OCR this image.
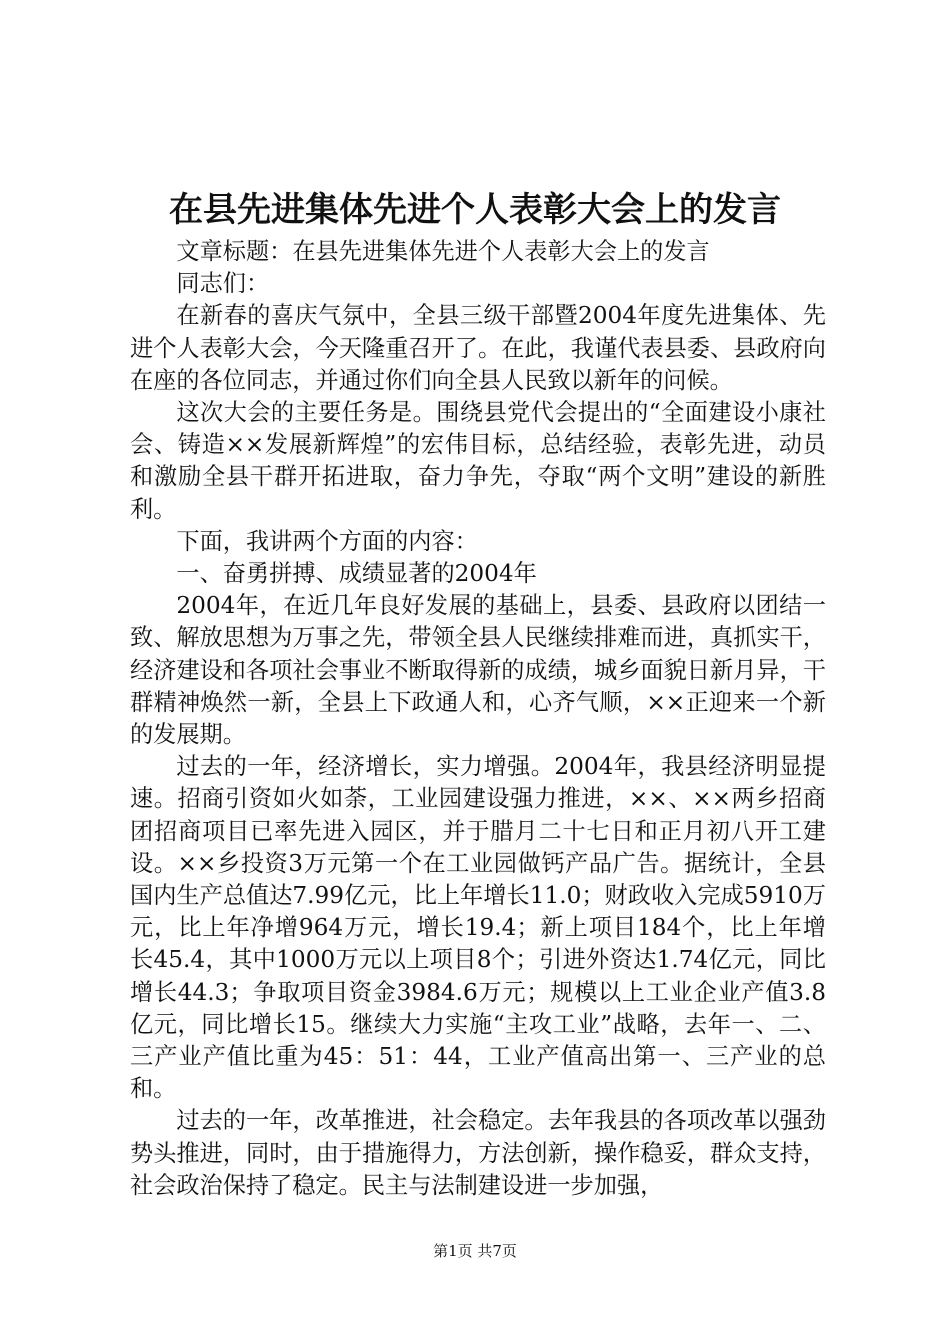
在县先进集体先进个人表彰大会上的发言

文章标题：在县先进集体先进个人表彰大会上的发言

同志们：

在新春的喜庆气氛中，全县三级干部暨2004年度先进集体、先进个人表彰大会，今天隆重召开了。在此，我谨代表县委、县政府向在座的各位同志，并通过你们向全县人民致以新年的问候。

这次大会的主要任务是。围绕县党代会提出的“全面建设小康社会、铸造××发展新辉煌”的宏伟目标，总结经验，表彰先进，动员和激励全县干群开拓进取，奋力争先，夺取“两个文明”建设的新胜利。

下面，我讲两个方面的内容：

一、奋勇拼搏、成绩显著的2004年

2004年，在近几年良好发展的基础上，县委、县政府以团结一致、解放思想为万事之先，带领全县人民继续排难而进，真抓实干，经济建设和各项社会事业不断取得新的成绩，城乡面貌日新月异，干群精神焕然一新，全县上下政通人和，心齐气顺，××正迎来一个新的发展期。

过去的一年，经济增长，实力增强。2004年，我县经济明显提速。招商引资如火如荼，工业园建设强力推进，××、××两乡招商团招商项目已率先进入园区，并于腊月二十七日和正月初八开工建设。××乡投资3万元第一个在工业园做钙产品广告。据统计，全县国内生产总值达7.99亿元，比上年增长11.0；财政收入完成5910万元，比上年净增964万元，增长19.4；新上项目184个，比上年增长45.4，其中1000万元以上项目8个；引进外资达1.74亿元，同比增长44.3；争取项目资金3984.6万元；规模以上工业企业产值3.8亿元，同比增长15。继续大力实施“主攻工业”战略，去年一、二、三产业产值比重为45：51：44，工业产值高出第一、三产业的总和。

过去的一年，改革推进，社会稳定。去年我县的各项改革以强劲势头推进，同时，由于措施得力，方法创新，操作稳妥，群众支持，社会政治保持了稳定。民主与法制建设进一步加强，

第1页 共7页
